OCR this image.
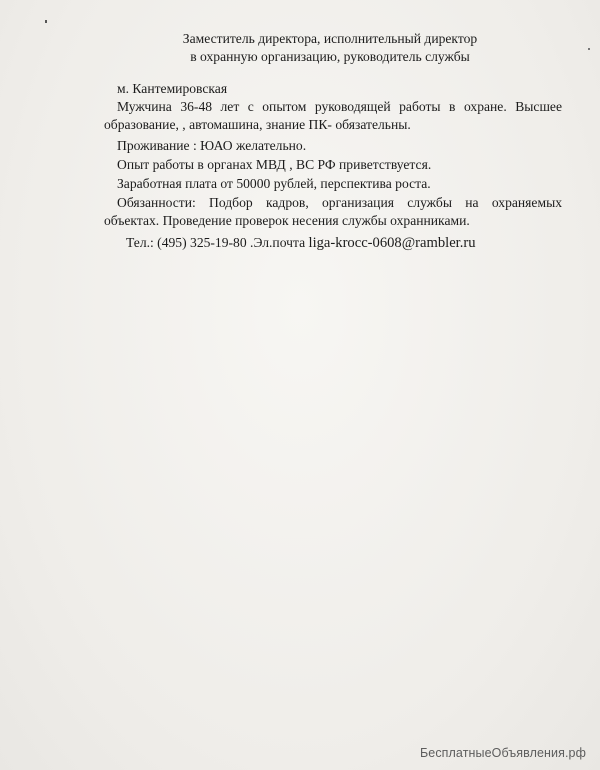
Заместитель директора, исполнительный директор
в охранную организацию, руководитель службы
м. Кантемировская
Мужчина 36-48 лет с опытом руководящей работы в охране. Высшее
образование, , автомашина, знание ПК- обязательны.
Проживание : ЮАО желательно.
Опыт работы в органах МВД , ВС РФ приветствуется.
Заработная плата от 50000 рублей, перспектива роста.
Обязанности: Подбор кадров, организация службы на охраняемых
объектах. Проведение проверок несения службы охранниками.
Тел.: (495) 325-19-80 .Эл.почта liga-krocc-0608@rambler.ru
БесплатныеОбъявления.рф
